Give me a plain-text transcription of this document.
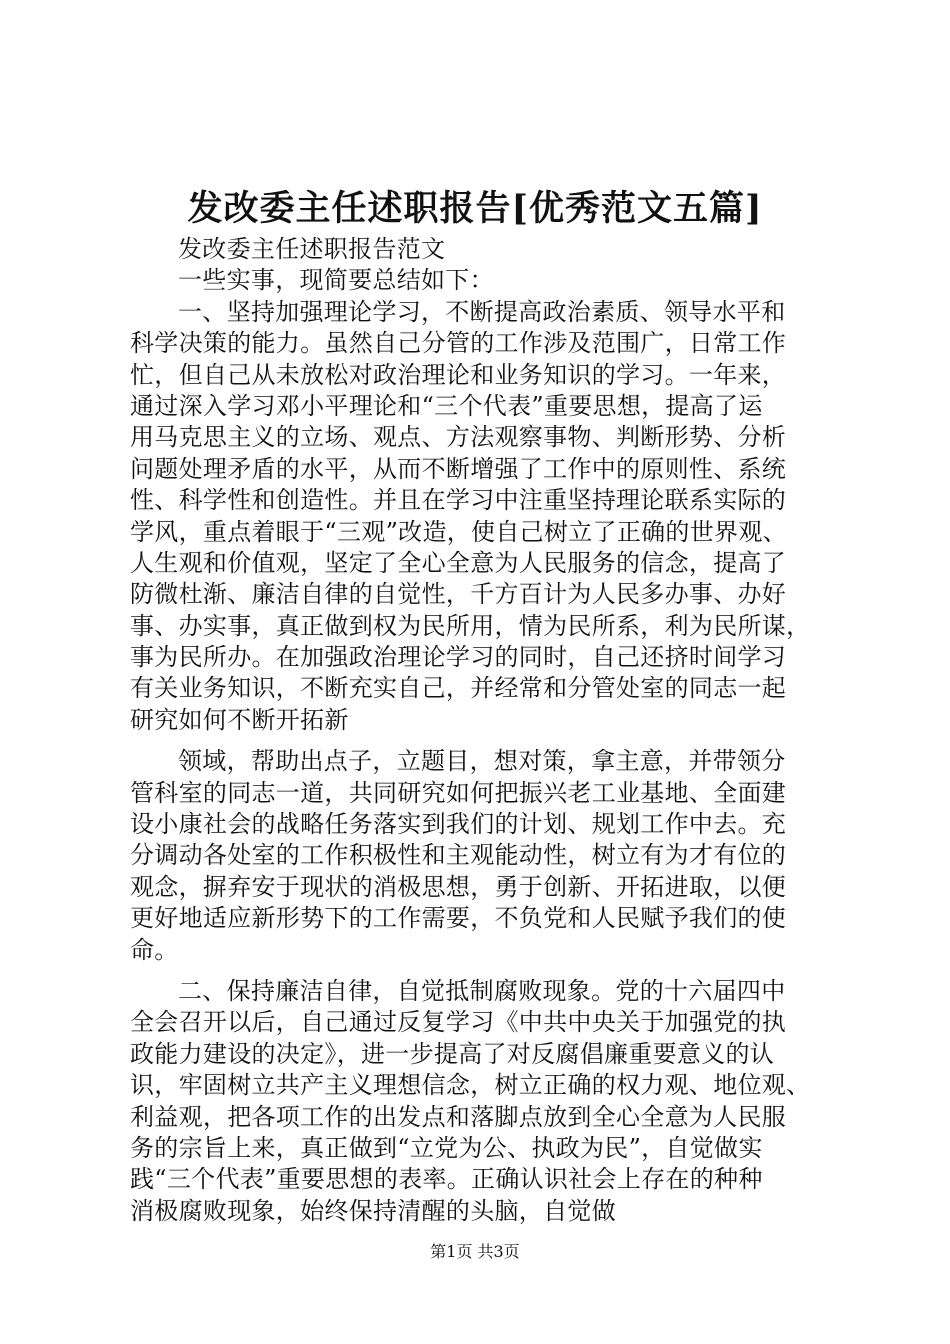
发改委主任述职报告[优秀范文五篇]
发改委主任述职报告范文
一些实事，现简要总结如下：
一、坚持加强理论学习，不断提高政治素质、领导水平和
科学决策的能力。虽然自己分管的工作涉及范围广，日常工作
忙，但自己从未放松对政治理论和业务知识的学习。一年来，
通过深入学习邓小平理论和“三个代表”重要思想，提高了运
用马克思主义的立场、观点、方法观察事物、判断形势、分析
问题处理矛盾的水平，从而不断增强了工作中的原则性、系统
性、科学性和创造性。并且在学习中注重坚持理论联系实际的
学风，重点着眼于“三观”改造，使自己树立了正确的世界观、
人生观和价值观，坚定了全心全意为人民服务的信念，提高了
防微杜渐、廉洁自律的自觉性，千方百计为人民多办事、办好
事、办实事，真正做到权为民所用，情为民所系，利为民所谋，
事为民所办。在加强政治理论学习的同时，自己还挤时间学习
有关业务知识，不断充实自己，并经常和分管处室的同志一起
研究如何不断开拓新
领域，帮助出点子，立题目，想对策，拿主意，并带领分
管科室的同志一道，共同研究如何把振兴老工业基地、全面建
设小康社会的战略任务落实到我们的计划、规划工作中去。充
分调动各处室的工作积极性和主观能动性，树立有为才有位的
观念，摒弃安于现状的消极思想，勇于创新、开拓进取，以便
更好地适应新形势下的工作需要，不负党和人民赋予我们的使
命。
二、保持廉洁自律，自觉抵制腐败现象。党的十六届四中
全会召开以后，自己通过反复学习《中共中央关于加强党的执
政能力建设的决定》，进一步提高了对反腐倡廉重要意义的认
识，牢固树立共产主义理想信念，树立正确的权力观、地位观、
利益观，把各项工作的出发点和落脚点放到全心全意为人民服
务的宗旨上来，真正做到“立党为公、执政为民”，自觉做实
践“三个代表”重要思想的表率。正确认识社会上存在的种种
消极腐败现象，始终保持清醒的头脑，自觉做
第1页 共3页
